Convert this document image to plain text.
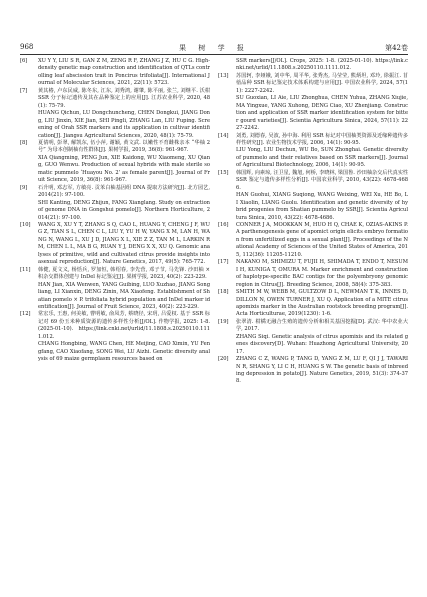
果 树 学 报
968	第42卷
[6] XU Y Y, LIU S R, GAN Z M, ZENG R F, ZHANG J Z, HU C G. High-density genetic map construction and identification of QTLs controlling leaf abscission trait in Poncirus trifoliata[J]. International Journal of Molecular Sciences, 2021, 22(11): 5723.
[7] 黄其椿, 卢东民威, 陈冬东, 江东, 刘秀鸿, 谢肇, 陈平丽, 张兰, 刘继平. 沃柑 SSR 分子标记遗传及其在品种鉴定上的应用[J]. 江苏农业科学, 2020, 48(1): 75-79.
HUANG Qichun, LU Dongchuncheng, CHEN Dongkui, JIANG Dong, LIU Jinxin, XIE Jian, SHI Pingli, ZHANG Lan, LIU Fuping. Screening of Orah SSR markers and its application in cultivar identification[J]. Jiangsu Agricultural Sciences, 2020, 48(1): 75-79.
[8] 夏倩明, 彭翠, 解凯东, 伍小萍, 谢颖, 黄文武. 以嫩性不育雌株亲本 “华柚 2 号” 为母本创制柚有性群体[J]. 果树学报, 2019, 36(8): 961-967.
XIA Qiangming, PENG Jun, XIE Kaidong, WU Xiaomeng, XU Qiang, GUO Wenwu. Production of sexual hybrids with male sterile somatic pummelo ‘Huayou No. 2’ as female parent[J]. Journal of Fruit Science, 2019, 36(8): 961-967.
[9] 石升明, 邓志军, 方敏亮. 贡苯白柚基因组 DNA 提取方法研究[J]. 北方园艺, 2014(21): 97-100.
SHI Kanting, DENG Zhijun, FANG Xianglang. Study on extraction of genome DNA in Gongshui pomelo[J]. Northern Horticulture, 2014(21): 97-100.
[10] WANG X, XU Y T, ZHANG S Q, CAO L, HUANG Y, CHENG J F, WU G Z, TIAN S L, CHEN C L, LIU Y, YU H W, YANG X M, LAN H, WANG N, WANG L, XU J D, JIANG X L, XIE Z Z, TAN M L, LARKIN R M, CHEN L L, MA B G, RUAN Y J, DENG X X, XU Q. Genomic analyses of primitive, wild and cultivated citrus provide insights into asexual reproduction[J]. Nature Genetics, 2017, 49(5): 765-772.
[11] 韩健, 夏文义, 杨恬兵, 罗加恒, 韩绍春, 李先营, 邓子节, 马先锋. 沙田柚 × 积杂交群体创建与 InDel 标记鉴定[J]. 果树学报, 2023, 40(2): 223-229.
HAN Jian, XIA Wenwen, YANG Guibing, LUO Xuzhao, JIANG Songliang, LI Xianxin, DENG Zinin, MA Xiaofeng. Establishment of Shatian pomelo × P. trifoliata hybrid population and InDel marker identification[J]. Journal of Fruit Science, 2023, 40(2): 223-229.
[12] 常宏乐, 王惠, 何美敏, 曹明敏, 俞凤芳, 蔡晓径, 宋玥, 吕爱权. 基于 SSR 标记对 69 份玉米种质资源的遗传多样性分析[J/OL]. 作物学报, 2025: 1-8. (2025-01-10). https://link.cnki.net/urlid/11.1808.s.20250110.1111.012.
CHANG Hongbing, WANG Chen, HE Meijing, CAO Ximin, YU Fengfang, CAO Xiaofang, SONG Wei, LU Aizhi. Genetic diversity analysis of 69 maize germplasm resources based on
SSR markers[J/OL]. Crops, 2025: 1-8. (2025-01-10). https://link.cnki.net/urlid/11.1808.s.20250110.1111.012.
[13] 苏国轲, 李娅娥, 刘中华, 周平华, 张秀杰, 马莹莹, 熊炳坦, 邓玲, 徐振江. 苜蓿品种 SSR 标记鉴定技术体系构建与应用[J]. 中国农业科学, 2024, 57(11): 2227-2242.
SU Guoxian, LI Aie, LIU Zhonghua, CHEN Yuhua, ZHANG Xiujie, MA Yingxue, YANG Xuhong, DENG Ciao, XU Zhenjiang. Construction and application of SSR marker identification system for bitter gourd varieties[J]. Scientia Agricultura Sinica, 2024, 57(11): 2227-2242.
[14] 刘勇, 刘德春, 吴波, 孙中海. 利用 SSR 标记对中国柚类资源及近缘种遗传多样性研究[J]. 农业生物技术学报, 2006, 14(1): 90-95.
LIU Yong, LIU Dechun, WU Bo, SUN Zhonghai. Genetic diversity of pummelo and their relatives based on SSR markers[J]. Journal of Agricultural Biotechnology, 2006, 14(1): 90-95.
[15] 韩国辉, 向素琼, 汪卫星, 魏旭, 何桥, 李晓林, 梁国鲁. 沙田柚杂交后代真实性 SSR 鉴定与遗传多样性分析[J]. 中国农业科学, 2010, 43(22): 4678-4686.
HAN Guohui, XIANG Suqiong, WANG Weixing, WEI Xu, HE Bo, LI Xiaolin, LIANG Guolu. Identification and genetic diversity of hybrid progenies from Shatian pummelo by SSR[J]. Scientia Agricultura Sinica, 2010, 43(22): 4678-4686.
[16] CONNER J A, MOOKKAN M, HUO H Q, CHAE K, OZIAS-AKINS P. A parthenogenesis gene of apomict origin elicits embryo formation from unfertilized eggs in a sexual plant[J]. Proceedings of the National Academy of Sciences of the United States of America, 2015, 112(36): 11205-11210.
[17] NAKANO M, SHIMIZU T, FUJII H, SHIMADA T, ENDO T, NESUMI H, KUNIGA T, OMURA M. Marker enrichment and construction of haplotype-specific BAC contigs for the polyembryony genomic region in Citrus[J]. Breeding Science, 2008, 58(4): 375-383.
[18] SMITH M W, WEBB M, GULTZOW D L, NEWMAN T K, INNES D, DILLON N, OWEN TURNER J, XU Q. Application of a MITE citrus apomixis marker in the Australian rootstock breeding program[J]. Acta Horticulturae, 2019(1230): 1-6.
[19] 张翠清. 柑橘无融合生殖的遗传分析和相关基因挖掘[D]. 武汉: 华中农业大学, 2017.
ZHANG Siqi. Genetic analysis of citrus apomixis and its related genes discovery[D]. Wuhan: Huazhong Agricultural University, 2017.
[20] ZHANG C Z, WANG P, TANG D, YANG Z M, LU F, QI J J, TAWARI N R, SHANG Y, LI C H, HUANG S W. The genetic basis of inbreeding depression in potato[J]. Nature Genetics, 2019, 51(3): 374-378.
